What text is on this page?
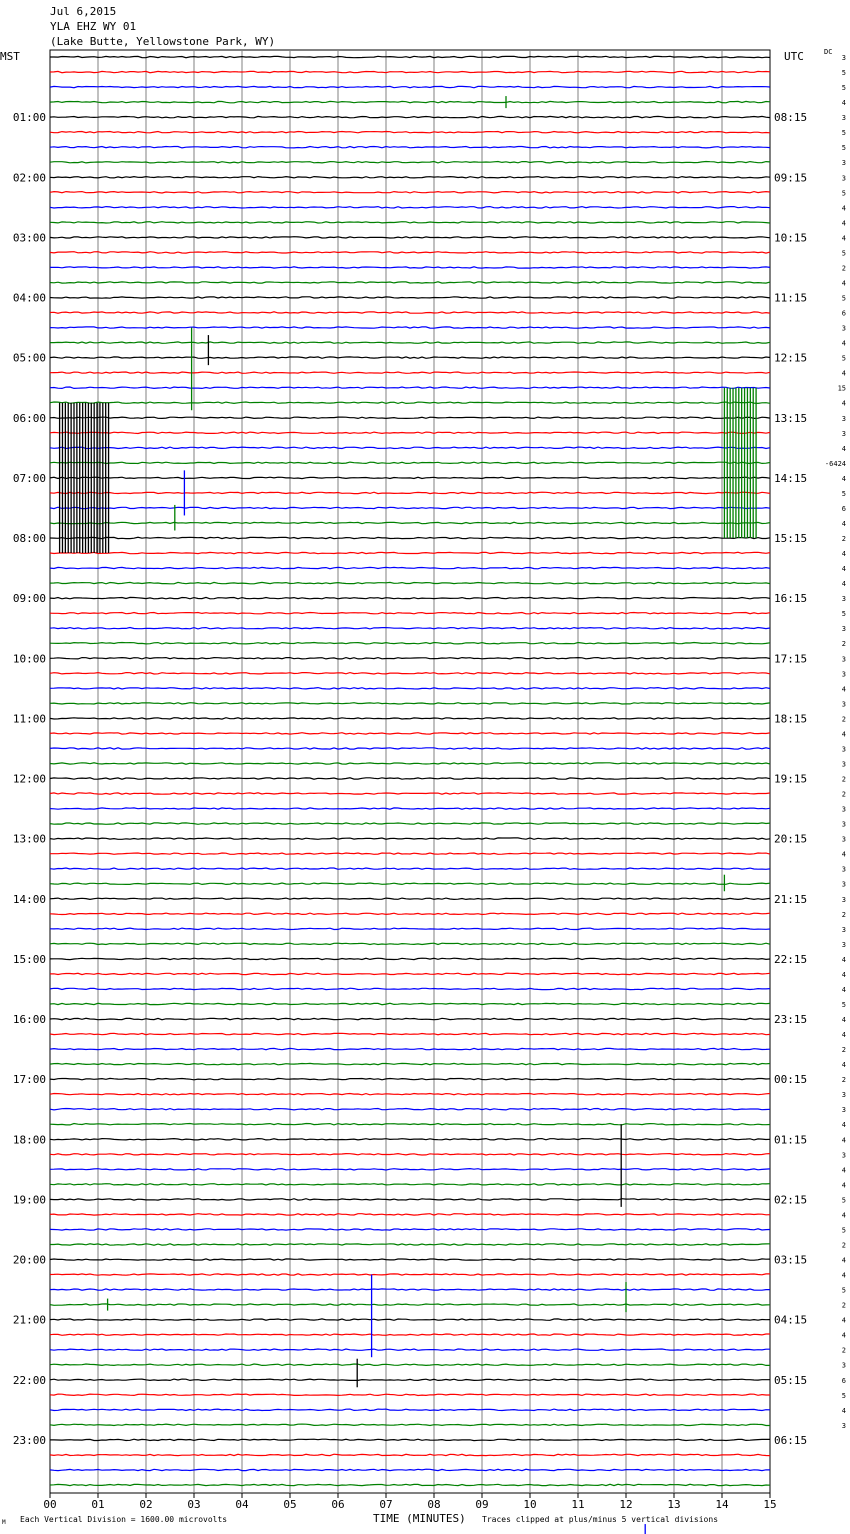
Jul 6,2015
YLA EHZ WY 01
(Lake Butte, Yellowstone Park, WY)
MST	UTC	DC
TIME (MINUTES)
Each Vertical Division = 1600.00 microvolts	Traces clipped at plus/minus 5 vertical divisions
M
01:00
02:00
03:00
04:00
05:00
06:00
07:00
08:00
09:00
10:00
11:00
12:00
13:00
14:00
15:00
16:00
17:00
18:00
19:00
20:00
21:00
22:00
23:00
08:15
09:15
10:15
11:15
12:15
13:15
14:15
15:15
16:15
17:15
18:15
19:15
20:15
21:15
22:15
23:15
00:15
01:15
02:15
03:15
04:15
05:15
06:15
3
5
5
4
3
5
5
3
3
5
4
4
4
5
2
4
5
6
3
4
5
4
15
4
3
3
4
-6424
4
5
6
4
2
4
4
4
3
5
3
2
3
3
4
3
2
4
3
3
2
2
3
3
3
4
3
3
3
2
3
3
4
4
4
5
4
4
2
4
2
3
3
4
4
3
4
4
5
4
5
2
4
4
5
2
4
4
2
3
6
5
4
3
00	01	02	03	04	05	06	07	08	09	10	11	12	13	14	15
